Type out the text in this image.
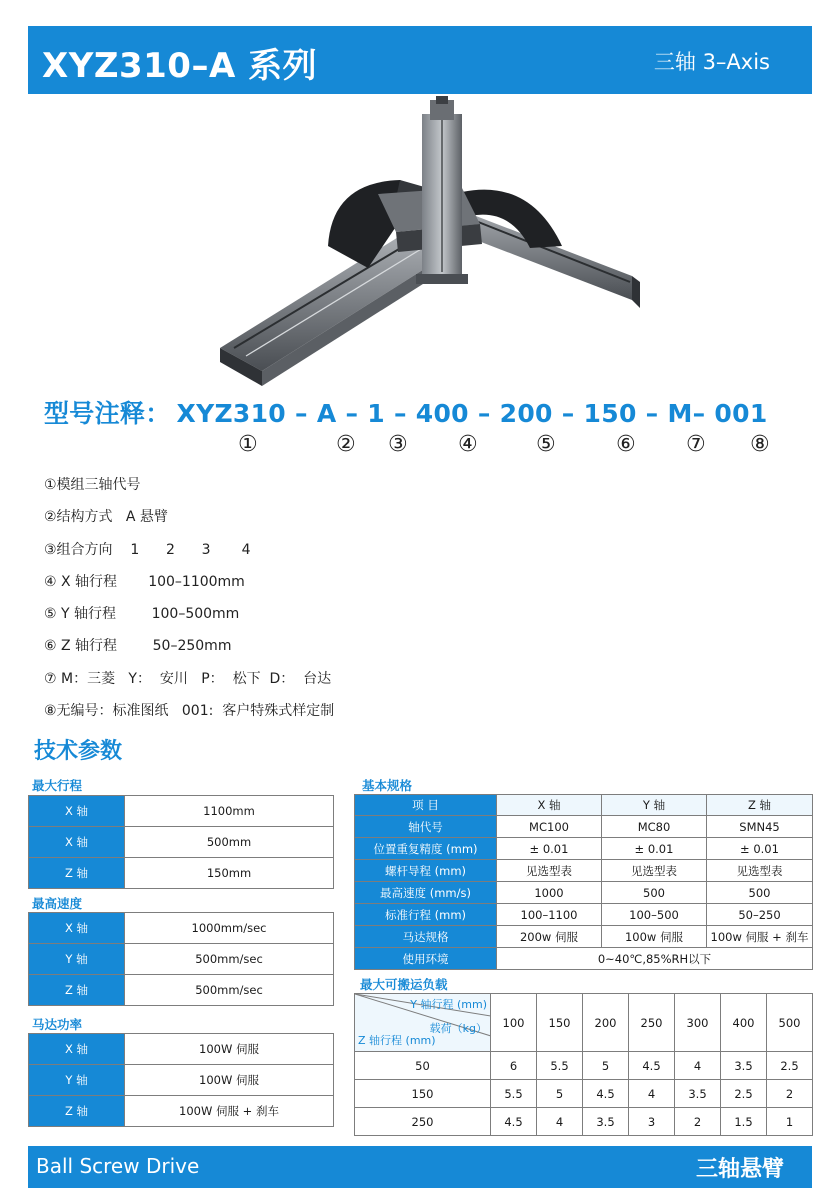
XYZ310–A 系列	三轴 3–Axis
型号注释： XYZ310 – A – 1 – 400 – 200 – 150 – M– 001
①	② ③ ④	⑤	⑥ ⑦ ⑧
①模组三轴代号
②结构方式   A 悬臂
③组合方向    1      2      3       4
④ X 轴行程       100–1100mm
⑤ Y 轴行程        100–500mm
⑥ Z 轴行程        50–250mm
⑦ M：三菱   Y：  安川   P：  松下  D：  台达
⑧无编号：标准图纸   001:  客户特殊式样定制
技术参数
最大行程
X 轴	1100mm
X 轴	500mm
Z 轴	150mm
最高速度
X 轴	1000mm/sec
Y 轴	500mm/sec
Z 轴	500mm/sec
马达功率
X 轴	100W 伺服
Y 轴	100W 伺服
Z 轴	100W 伺服 + 刹车
基本规格
项 目	X 轴	Y 轴	Z 轴
轴代号	MC100	MC80	SMN45
位置重复精度 (mm)	± 0.01	± 0.01	± 0.01
螺杆导程 (mm)	见选型表	见选型表	见选型表
最高速度 (mm/s)	1000	500	500
标准行程 (mm)	100–1100	100–500	50–250
马达规格	200w 伺服	100w 伺服	100w 伺服 + 刹车
使用环境	0~40℃,85%RH以下		
最大可搬运负载
Y 轴行程 (mm)
载荷（kg）
Z 轴行程 (mm)	100	150	200	250	300	400	500
50	6	5.5	5	4.5	4	3.5	2.5
150	5.5	5	4.5	4	3.5	2.5	2
250	4.5	4	3.5	3	2	1.5	1
Ball Screw Drive	三轴悬臂
